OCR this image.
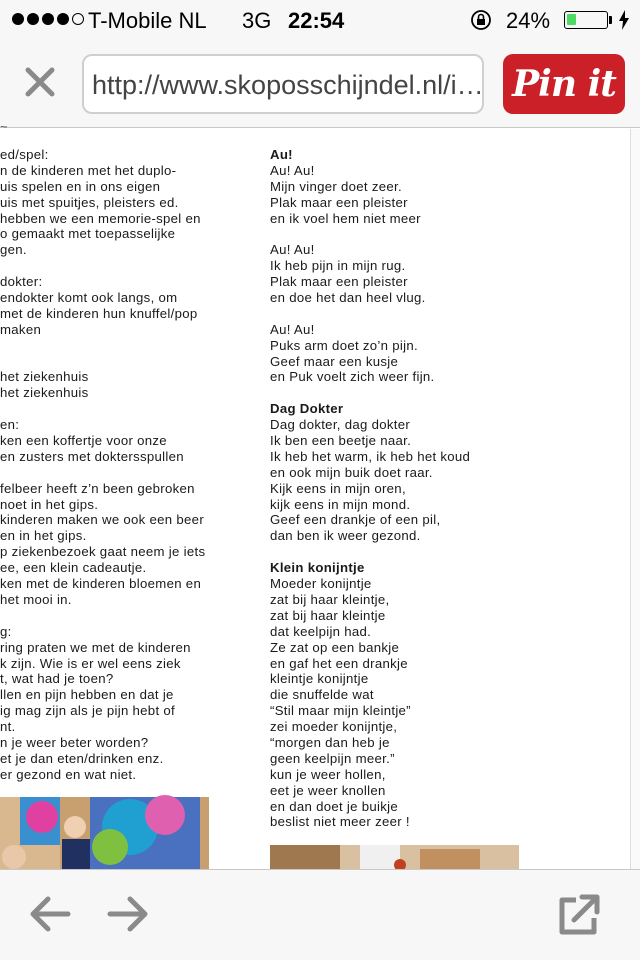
T-Mobile NL 3G 22:54	24%
http://www.skoposschijndel.nl/i… Pin it
~
ed/spel:
n de kinderen met het duplo-
uis spelen en in ons eigen
uis met spuitjes, pleisters ed.
hebben we een memorie-spel en
o gemaakt met toepasselijke
gen.
dokter:
endokter komt ook langs, om
met de kinderen hun knuffel/pop
maken
het ziekenhuis
het ziekenhuis
en:
ken een koffertje voor onze
en zusters met doktersspullen
felbeer heeft z’n been gebroken
noet in het gips.
kinderen maken we ook een beer
en in het gips.
p ziekenbezoek gaat neem je iets
ee, een klein cadeautje.
ken met de kinderen bloemen en
het mooi in.
g:
ring praten we met de kinderen
k zijn. Wie is er wel eens ziek
t, wat had je toen?
llen en pijn hebben en dat je
ig mag zijn als je pijn hebt of
nt.
n je weer beter worden?
et je dan eten/drinken enz.
er gezond en wat niet.
Au!
Au! Au!
Mijn vinger doet zeer.
Plak maar een pleister
en ik voel hem niet meer
Au! Au!
Ik heb pijn in mijn rug.
Plak maar een pleister
en doe het dan heel vlug.
Au! Au!
Puks arm doet zo’n pijn.
Geef maar een kusje
en Puk voelt zich weer fijn.
Dag Dokter
Dag dokter, dag dokter
Ik ben een beetje naar.
Ik heb het warm, ik heb het koud
en ook mijn buik doet raar.
Kijk eens in mijn oren,
kijk eens in mijn mond.
Geef een drankje of een pil,
dan ben ik weer gezond.
Klein konijntje
Moeder konijntje
zat bij haar kleintje,
zat bij haar kleintje
dat keelpijn had.
Ze zat op een bankje
en gaf het een drankje
kleintje konijntje
die snuffelde wat
“Stil maar mijn kleintje”
zei moeder konijntje,
“morgen dan heb je
geen keelpijn meer.”
kun je weer hollen,
eet je weer knollen
en dan doet je buikje
beslist niet meer zeer !
